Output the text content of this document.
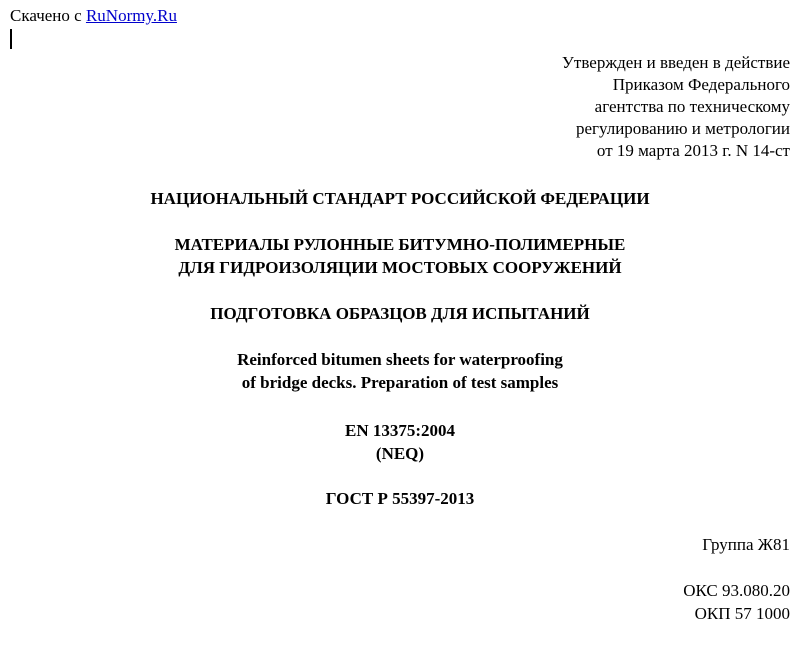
Скачено с RuNormy.Ru
Утвержден и введен в действие
Приказом Федерального
агентства по техническому
регулированию и метрологии
от 19 марта 2013 г. N 14-ст
НАЦИОНАЛЬНЫЙ СТАНДАРТ РОССИЙСКОЙ ФЕДЕРАЦИИ
МАТЕРИАЛЫ РУЛОННЫЕ БИТУМНО-ПОЛИМЕРНЫЕ
ДЛЯ ГИДРОИЗОЛЯЦИИ МОСТОВЫХ СООРУЖЕНИЙ
ПОДГОТОВКА ОБРАЗЦОВ ДЛЯ ИСПЫТАНИЙ
Reinforced bitumen sheets for waterproofing
of bridge decks. Preparation of test samples
EN 13375:2004
(NEQ)
ГОСТ Р 55397-2013
Группа Ж81
ОКС 93.080.20
ОКП 57 1000
